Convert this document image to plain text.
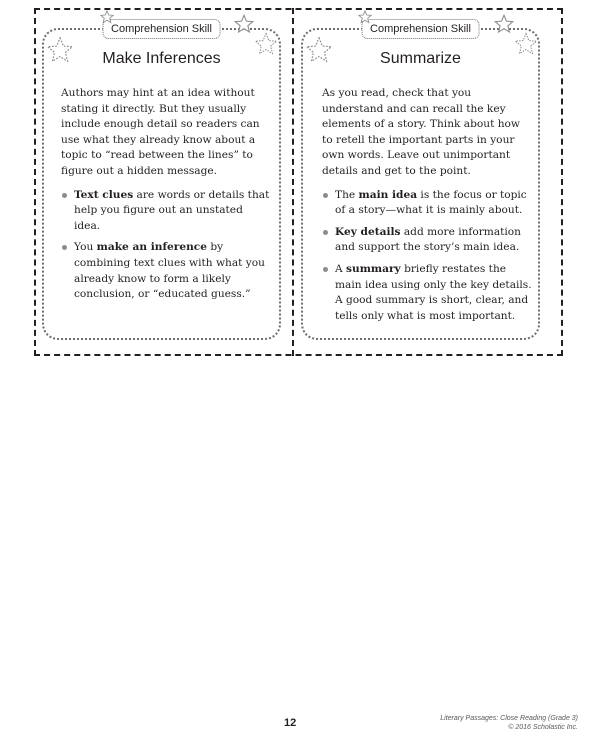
Comprehension Skill
Make Inferences

Authors may hint at an idea without stating it directly. But they usually include enough detail so readers can use what they already know about a topic to “read between the lines” to figure out a hidden message.

Text clues are words or details that help you figure out an unstated idea.
You make an inference by combining text clues with what you already know to form a likely conclusion, or “educated guess.”
Comprehension Skill
Summarize

As you read, check that you understand and can recall the key elements of a story. Think about how to retell the important parts in your own words. Leave out unimportant details and get to the point.

The main idea is the focus or topic of a story—what it is mainly about.
Key details add more information and support the story’s main idea.
A summary briefly restates the main idea using only the key details. A good summary is short, clear, and tells only what is most important.
12	Literary Passages: Close Reading (Grade 3)
© 2016 Scholastic Inc.
